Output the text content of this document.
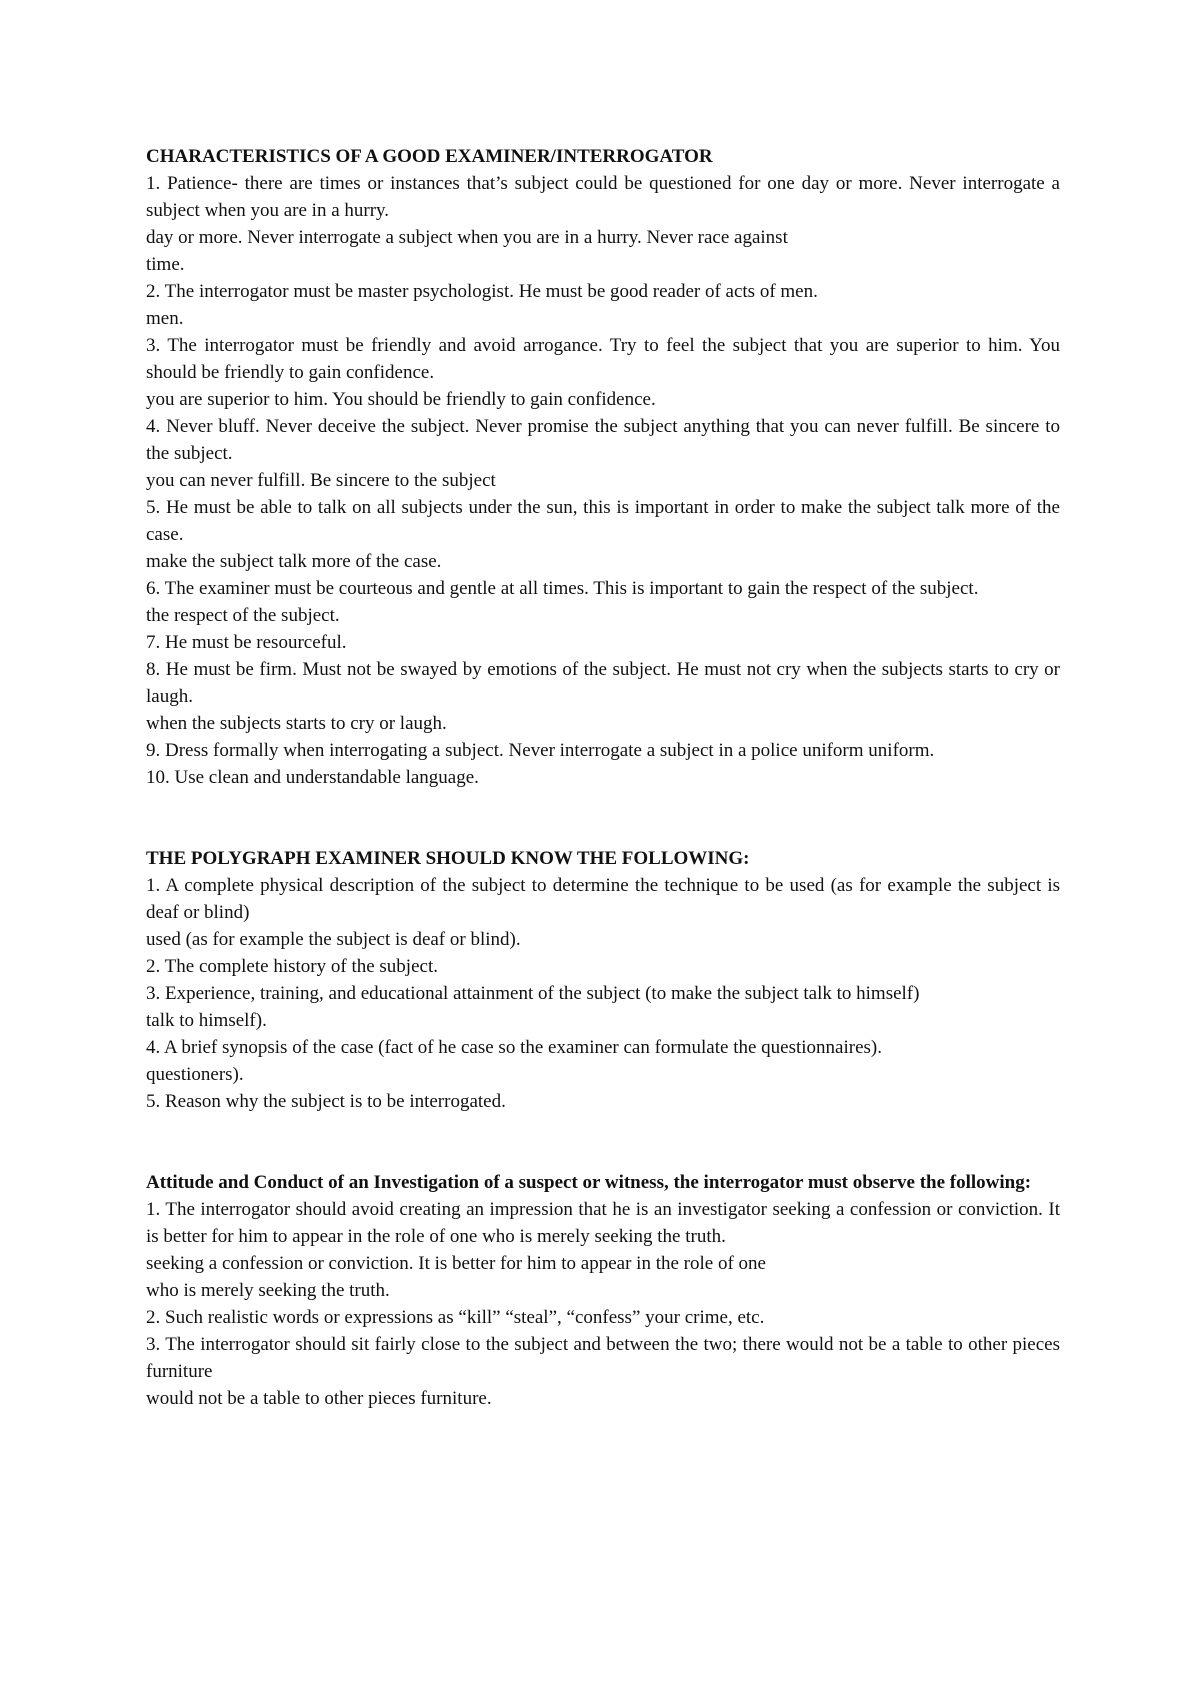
CHARACTERISTICS OF A GOOD EXAMINER/INTERROGATOR

1. Patience- there are times or instances that’s subject could be questioned for one day or more. Never interrogate a subject when you are in a hurry.

day or more. Never interrogate a subject when you are in a hurry. Never race against

time.

2. The interrogator must be master psychologist. He must be good reader of acts of men.

men.

3. The interrogator must be friendly and avoid arrogance. Try to feel the subject that you are superior to him. You should be friendly to gain confidence.

you are superior to him. You should be friendly to gain confidence.

4. Never bluff. Never deceive the subject. Never promise the subject anything that you can never fulfill. Be sincere to the subject.

you can never fulfill. Be sincere to the subject

5. He must be able to talk on all subjects under the sun, this is important in order to make the subject talk more of the case.

make the subject talk more of the case.

6. The examiner must be courteous and gentle at all times. This is important to gain the respect of the subject.

the respect of the subject.

7. He must be resourceful.

8. He must be firm. Must not be swayed by emotions of the subject. He must not cry when the subjects starts to cry or laugh.

when the subjects starts to cry or laugh.

9. Dress formally when interrogating a subject. Never interrogate a subject in a police uniform uniform.

10. Use clean and understandable language.

THE POLYGRAPH EXAMINER SHOULD KNOW THE FOLLOWING:

1. A complete physical description of the subject to determine the technique to be used (as for example the subject is deaf or blind)

used (as for example the subject is deaf or blind).

2. The complete history of the subject.

3. Experience, training, and educational attainment of the subject (to make the subject talk to himself)

talk to himself).

4. A brief synopsis of the case (fact of he case so the examiner can formulate the questionnaires).

questioners).

5. Reason why the subject is to be interrogated.

Attitude and Conduct of an Investigation of a suspect or witness, the interrogator must observe the following:

1. The interrogator should avoid creating an impression that he is an investigator seeking a confession or conviction. It is better for him to appear in the role of one who is merely seeking the truth.

seeking a confession or conviction. It is better for him to appear in the role of one

who is merely seeking the truth.

2. Such realistic words or expressions as “kill” “steal”, “confess” your crime, etc.

3. The interrogator should sit fairly close to the subject and between the two; there would not be a table to other pieces furniture

would not be a table to other pieces furniture.
